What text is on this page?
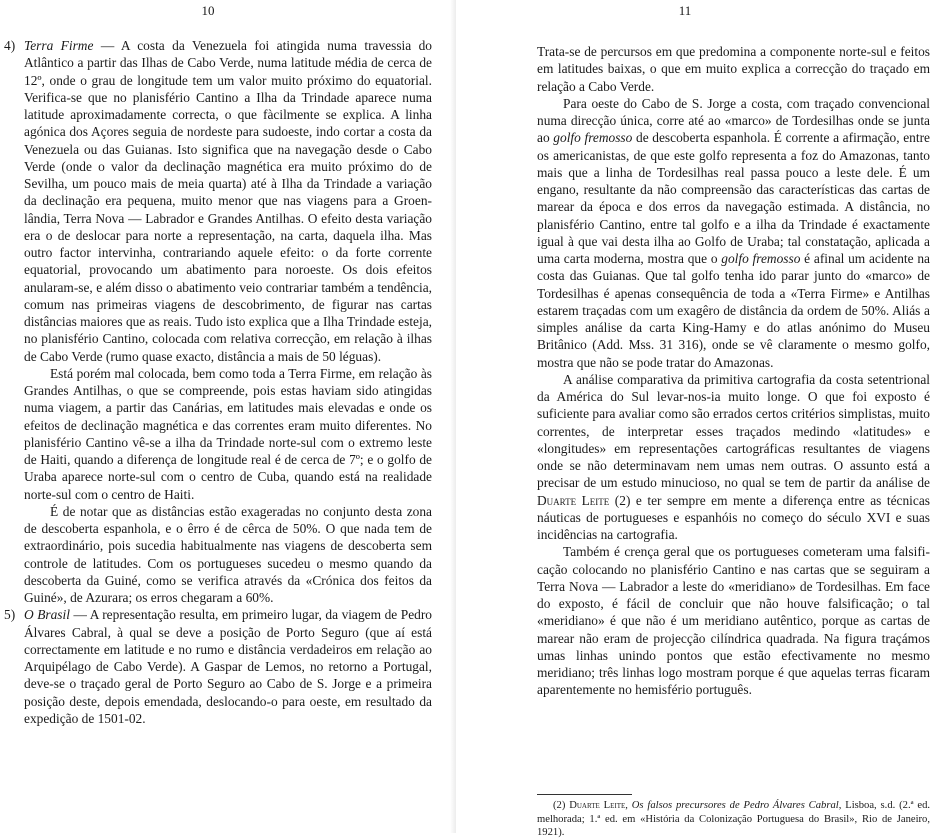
10
4) Terra Firme — A costa da Venezuela foi atingida numa travessia do Atlântico a partir das Ilhas de Cabo Verde, numa latitude média de cerca de 12º, onde o grau de longitude tem um valor muito próximo do equatorial. Verifica-se que no planisfério Cantino a Ilha da Trindade aparece numa latitude aproximadamente correcta, o que fàcilmente se explica. A linha agónica dos Açores seguia de nordeste para sudoeste, indo cortar a costa da Venezuela ou das Guianas. Isto significa que na navegação desde o Cabo Verde (onde o valor da declinação magnética era muito próximo do de Sevilha, um pouco mais de meia quarta) até à Ilha da Trindade a variação da declinação era pequena, muito menor que nas viagens para a Groenlândia, Terra Nova — Labrador e Grandes Antilhas. O efeito desta variação era o de deslocar para norte a representação, na carta, daquela ilha. Mas outro factor intervinha, contrariando aquele efeito: o da forte corrente equatorial, provocando um abatimento para noroeste. Os dois efeitos anularam-se, e além disso o abatimento veio contrariar também a tendência, comum nas primeiras viagens de descobrimento, de figurar nas cartas distâncias maiores que as reais. Tudo isto explica que a Ilha Trindade esteja, no planisfério Cantino, colocada com relativa correcção, em relação à ilhas de Cabo Verde (rumo quase exacto, distância a mais de 50 léguas).

Está porém mal colocada, bem como toda a Terra Firme, em relação às Grandes Antilhas, o que se compreende, pois estas haviam sido atingidas numa viagem, a partir das Canárias, em latitudes mais elevadas e onde os efeitos de declinação magnética e das correntes eram muito diferentes. No planisfério Cantino vê-se a ilha da Trindade norte-sul com o extremo leste de Haiti, quando a diferença de longitude real é de cerca de 7º; e o golfo de Uraba aparece norte-sul com o centro de Cuba, quando está na realidade norte-sul com o centro de Haiti.

É de notar que as distâncias estão exageradas no conjunto desta zona de descoberta espanhola, e o êrro é de cêrca de 50%. O que nada tem de extraordinário, pois sucedia habitualmente nas viagens de descoberta sem controle de latitudes. Com os portugueses sucedeu o mesmo quando da descoberta da Guiné, como se verifica através da «Crónica dos feitos da Guiné», de Azurara; os erros chegaram a 60%.

5) O Brasil — A representação resulta, em primeiro lugar, da viagem de Pedro Álvares Cabral, à qual se deve a posição de Porto Seguro (que aí está correctamente em latitude e no rumo e distância verdadeiros em relação ao Arquipélago de Cabo Verde). A Gaspar de Lemos, no retorno a Portugal, deve-se o traçado geral de Porto Seguro ao Cabo de S. Jorge e a primeira posição deste, depois emendada, deslocando-o para oeste, em resultado da expedição de 1501-02.

11

Trata-se de percursos em que predomina a componente norte-sul e feitos em latitudes baixas, o que em muito explica a correcção do traçado em relação a Cabo Verde.

Para oeste do Cabo de S. Jorge a costa, com traçado convencional numa direcção única, corre até ao «marco» de Tordesilhas onde se junta ao golfo fremosso de descoberta espanhola. É corrente a afirmação, entre os americanistas, de que este golfo representa a foz do Amazonas, tanto mais que a linha de Tordesilhas real passa pouco a leste dele. É um engano, resultante da não compreensão das características das cartas de marear da época e dos erros da navegação estimada. A distância, no planisfério Cantino, entre tal golfo e a ilha da Trindade é exactamente igual à que vai desta ilha ao Golfo de Uraba; tal constatação, aplicada a uma carta moderna, mostra que o golfo fremosso é afinal um acidente na costa das Guianas. Que tal golfo tenha ido parar junto do «marco» de Tordesilhas é apenas consequência de toda a «Terra Firme» e Antilhas estarem traçadas com um exagêro de distância da ordem de 50%. Aliás a simples análise da carta King-Hamy e do atlas anónimo do Museu Britânico (Add. Mss. 31 316), onde se vê claramente o mesmo golfo, mostra que não se pode tratar do Amazonas.

A análise comparativa da primitiva cartografia da costa setentrional da América do Sul levar-nos-ia muito longe. O que foi exposto é suficiente para avaliar como são errados certos critérios simplistas, muito correntes, de interpretar esses traçados medindo «latitudes» e «longitudes» em representações cartográficas resultantes de viagens onde se não determinavam nem umas nem outras. O assunto está a precisar de um estudo minucioso, no qual se tem de partir da análise de Duarte Leite (2) e ter sempre em mente a diferença entre as técnicas náuticas de portugueses e espanhóis no começo do século XVI e suas incidências na cartografia.

Também é crença geral que os portugueses cometeram uma falsificação colocando no planisfério Cantino e nas cartas que se seguiram a Terra Nova — Labrador a leste do «meridiano» de Tordesilhas. Em face do exposto, é fácil de concluir que não houve falsificação; o tal «meridiano» é que não é um meridiano autêntico, porque as cartas de marear não eram de projecção cilíndrica quadrada. Na figura traçámos umas linhas unindo pontos que estão efectivamente no mesmo meridiano; três linhas logo mostram porque é que aquelas terras ficaram aparentemente no hemisfério português.

(2) Duarte Leite, Os falsos precursores de Pedro Álvares Cabral, Lisboa, s.d. (2.ª ed. melhorada; 1.ª ed. em «História da Colonização Portuguesa do Brasil», Rio de Janeiro, 1921).
